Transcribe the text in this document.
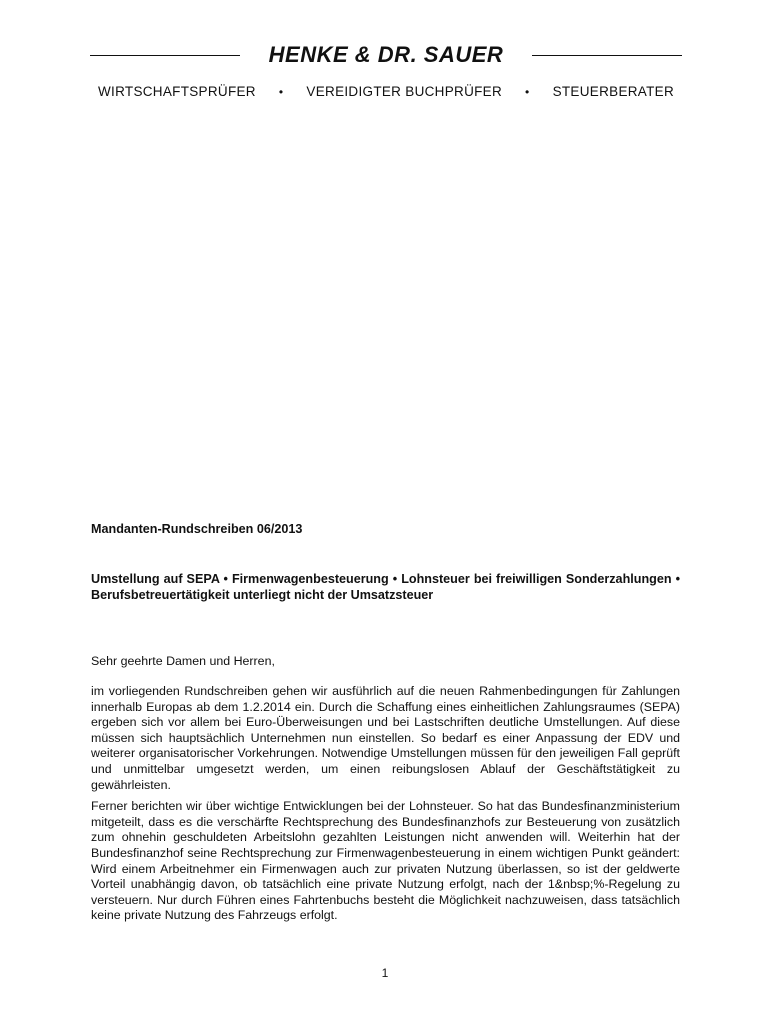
HENKE & DR. SAUER
WIRTSCHAFTSPRÜFER • VEREIDIGTER BUCHPRÜFER • STEUERBERATER
Mandanten-Rundschreiben 06/2013
Umstellung auf SEPA • Firmenwagenbesteuerung • Lohnsteuer bei freiwilligen Sonderzahlungen • Berufsbetreuertätigkeit unterliegt nicht der Umsatzsteuer
Sehr geehrte Damen und Herren,

im vorliegenden Rundschreiben gehen wir ausführlich auf die neuen Rahmenbedingungen für Zahlungen innerhalb Europas ab dem 1.2.2014 ein. Durch die Schaffung eines einheitlichen Zahlungsraumes (SEPA) ergeben sich vor allem bei Euro-Überweisungen und bei Lastschriften deutliche Umstellungen. Auf diese müssen sich hauptsächlich Unternehmen nun einstellen. So bedarf es einer Anpassung der EDV und weiterer organisatorischer Vorkehrungen. Notwendige Umstellungen müssen für den jeweiligen Fall geprüft und unmittelbar umgesetzt werden, um einen reibungslosen Ablauf der Geschäftstätigkeit zu gewährleisten.

Ferner berichten wir über wichtige Entwicklungen bei der Lohnsteuer. So hat das Bundesfinanzministerium mitgeteilt, dass es die verschärfte Rechtsprechung des Bundesfinanzhofs zur Besteuerung von zusätzlich zum ohnehin geschuldeten Arbeitslohn gezahlten Leistungen nicht anwenden will. Weiterhin hat der Bundesfinanzhof seine Rechtsprechung zur Firmenwagenbesteuerung in einem wichtigen Punkt geändert: Wird einem Arbeitnehmer ein Firmenwagen auch zur privaten Nutzung überlassen, so ist der geldwerte Vorteil unabhängig davon, ob tatsächlich eine private Nutzung erfolgt, nach der 1&nbsp;%-Regelung zu versteuern. Nur durch Führen eines Fahrtenbuchs besteht die Möglichkeit nachzuweisen, dass tatsächlich keine private Nutzung des Fahrzeugs erfolgt.

1
